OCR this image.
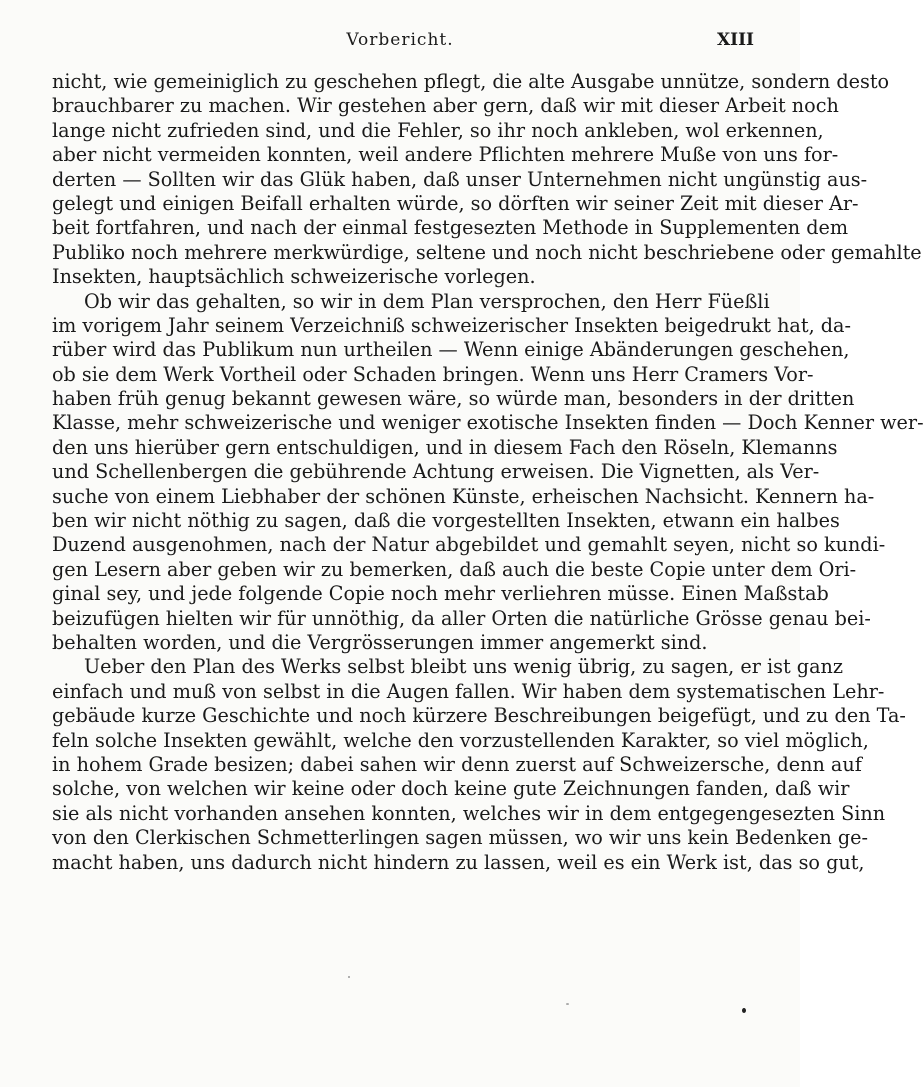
Vorbericht.	XIII
nicht, wie gemeiniglich zu geschehen pflegt, die alte Ausgabe unnütze, sondern desto
brauchbarer zu machen. Wir gestehen aber gern, daß wir mit dieser Arbeit noch
lange nicht zufrieden sind, und die Fehler, so ihr noch ankleben, wol erkennen,
aber nicht vermeiden konnten, weil andere Pflichten mehrere Muße von uns for-
derten — Sollten wir das Glük haben, daß unser Unternehmen nicht ungünstig aus-
gelegt und einigen Beifall erhalten würde, so dörften wir seiner Zeit mit dieser Ar-
beit fortfahren, und nach der einmal festgesezten Methode in Supplementen dem
Publiko noch mehrere merkwürdige, seltene und noch nicht beschriebene oder gemahlte
Insekten, hauptsächlich schweizerische vorlegen.
Ob wir das gehalten, so wir in dem Plan versprochen, den Herr Füeßli
im vorigem Jahr seinem Verzeichniß schweizerischer Insekten beigedrukt hat, da-
rüber wird das Publikum nun urtheilen — Wenn einige Abänderungen geschehen,
ob sie dem Werk Vortheil oder Schaden bringen. Wenn uns Herr Cramers Vor-
haben früh genug bekannt gewesen wäre, so würde man, besonders in der dritten
Klasse, mehr schweizerische und weniger exotische Insekten finden — Doch Kenner wer-
den uns hierüber gern entschuldigen, und in diesem Fach den Röseln, Klemanns
und Schellenbergen die gebührende Achtung erweisen. Die Vignetten, als Ver-
suche von einem Liebhaber der schönen Künste, erheischen Nachsicht. Kennern ha-
ben wir nicht nöthig zu sagen, daß die vorgestellten Insekten, etwann ein halbes
Duzend ausgenohmen, nach der Natur abgebildet und gemahlt seyen, nicht so kundi-
gen Lesern aber geben wir zu bemerken, daß auch die beste Copie unter dem Ori-
ginal sey, und jede folgende Copie noch mehr verliehren müsse. Einen Maßstab
beizufügen hielten wir für unnöthig, da aller Orten die natürliche Grösse genau bei-
behalten worden, und die Vergrösserungen immer angemerkt sind.
Ueber den Plan des Werks selbst bleibt uns wenig übrig, zu sagen, er ist ganz
einfach und muß von selbst in die Augen fallen. Wir haben dem systematischen Lehr-
gebäude kurze Geschichte und noch kürzere Beschreibungen beigefügt, und zu den Ta-
feln solche Insekten gewählt, welche den vorzustellenden Karakter, so viel möglich,
in hohem Grade besizen; dabei sahen wir denn zuerst auf Schweizersche, denn auf
solche, von welchen wir keine oder doch keine gute Zeichnungen fanden, daß wir
sie als nicht vorhanden ansehen konnten, welches wir in dem entgegengesezten Sinn
von den Clerkischen Schmetterlingen sagen müssen, wo wir uns kein Bedenken ge-
macht haben, uns dadurch nicht hindern zu lassen, weil es ein Werk ist, das so gut,
